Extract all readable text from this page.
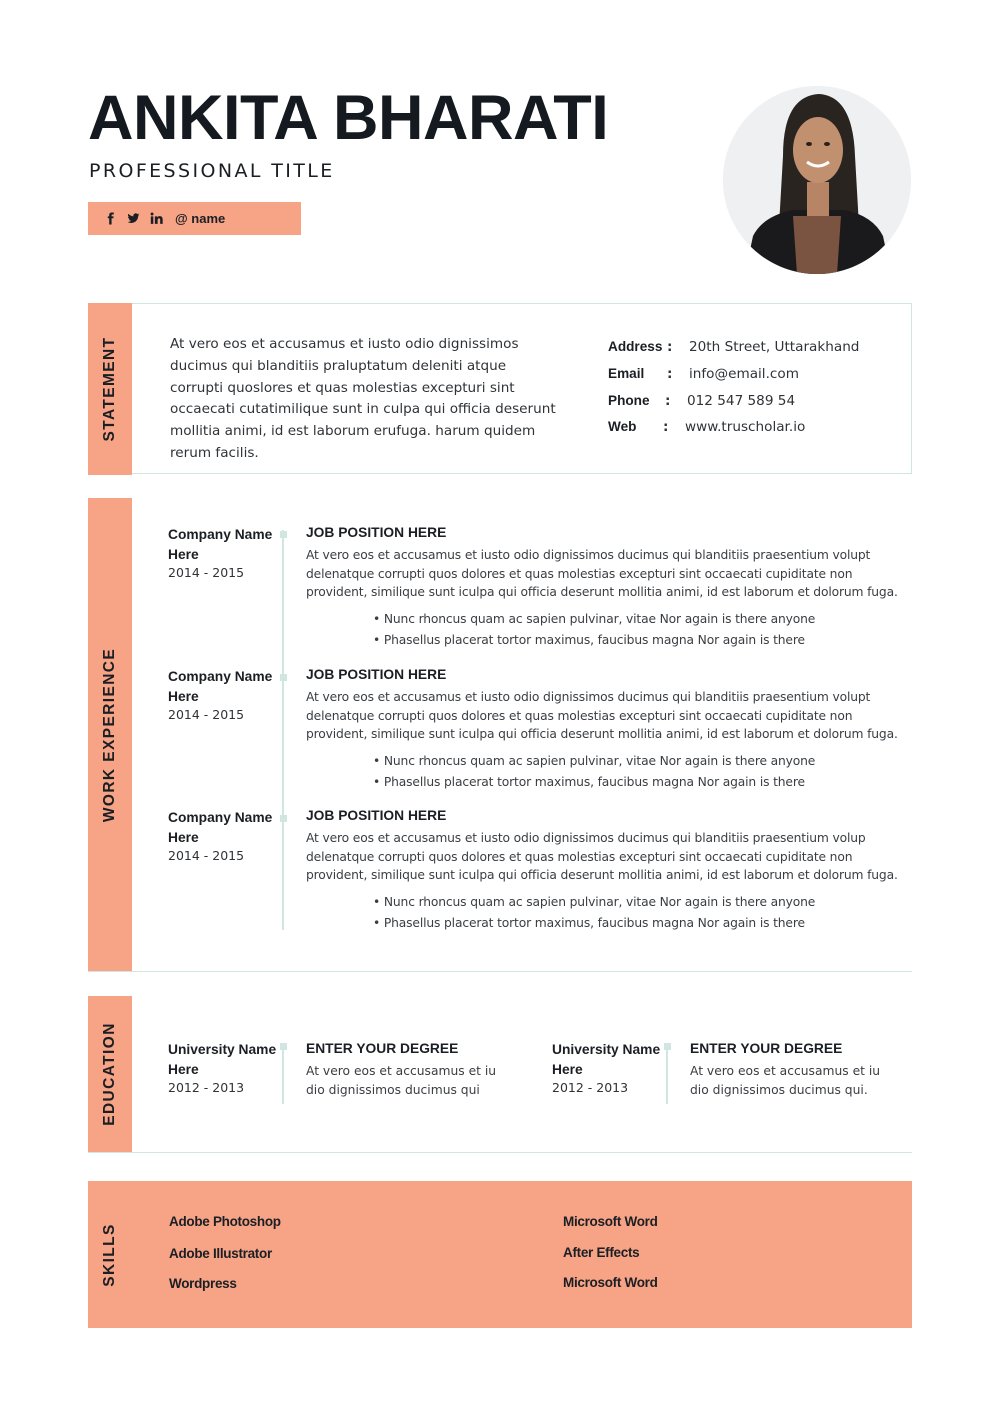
ANKITA BHARATI
PROFESSIONAL TITLE
@ name
STATEMENT	At vero eos et accusamus et iusto odio dignissimos ducimus qui blanditiis praluptatum deleniti atque corrupti quoslores et quas molestias excepturi sint occaecati cutatimilique sunt in culpa qui officia deserunt mollitia animi, id est laborum erufuga. harum quidem rerum facilis.

Address : 20th Street, Uttarakhand
Email : info@email.com
Phone : 012 547 589 54
Web : www.truscholar.io
WORK EXPERIENCE
Company Name Here
2014 - 2015
JOB POSITION HERE

At vero eos et accusamus et iusto odio dignissimos ducimus qui blanditiis praesentium volupt delenatque corrupti quos dolores et quas molestias excepturi sint occaecati cupiditate non provident, similique sunt iculpa qui officia deserunt mollitia animi, id est laborum et dolorum fuga.

• Nunc rhoncus quam ac sapien pulvinar, vitae Nor again is there anyone
• Phasellus placerat tortor maximus, faucibus magna Nor again is there
Company Name Here
2014 - 2015
JOB POSITION HERE

At vero eos et accusamus et iusto odio dignissimos ducimus qui blanditiis praesentium volupt delenatque corrupti quos dolores et quas molestias excepturi sint occaecati cupiditate non provident, similique sunt iculpa qui officia deserunt mollitia animi, id est laborum et dolorum fuga.

• Nunc rhoncus quam ac sapien pulvinar, vitae Nor again is there anyone
• Phasellus placerat tortor maximus, faucibus magna Nor again is there
Company Name Here
2014 - 2015
JOB POSITION HERE

At vero eos et accusamus et iusto odio dignissimos ducimus qui blanditiis praesentium volup delenatque corrupti quos dolores et quas molestias excepturi sint occaecati cupiditate non provident, similique sunt iculpa qui officia deserunt mollitia animi, id est laborum et dolorum fuga.

• Nunc rhoncus quam ac sapien pulvinar, vitae Nor again is there anyone
• Phasellus placerat tortor maximus, faucibus magna Nor again is there
EDUCATION	University Name Here
2012 - 2013
ENTER YOUR DEGREE

At vero eos et accusamus et iu dio dignissimos ducimus qui

University Name Here
2012 - 2013
ENTER YOUR DEGREE

At vero eos et accusamus et iu dio dignissimos ducimus qui.

SKILLS
Adobe Photoshop
Adobe Illustrator
Wordpress
Microsoft Word
After Effects
Microsoft Word
